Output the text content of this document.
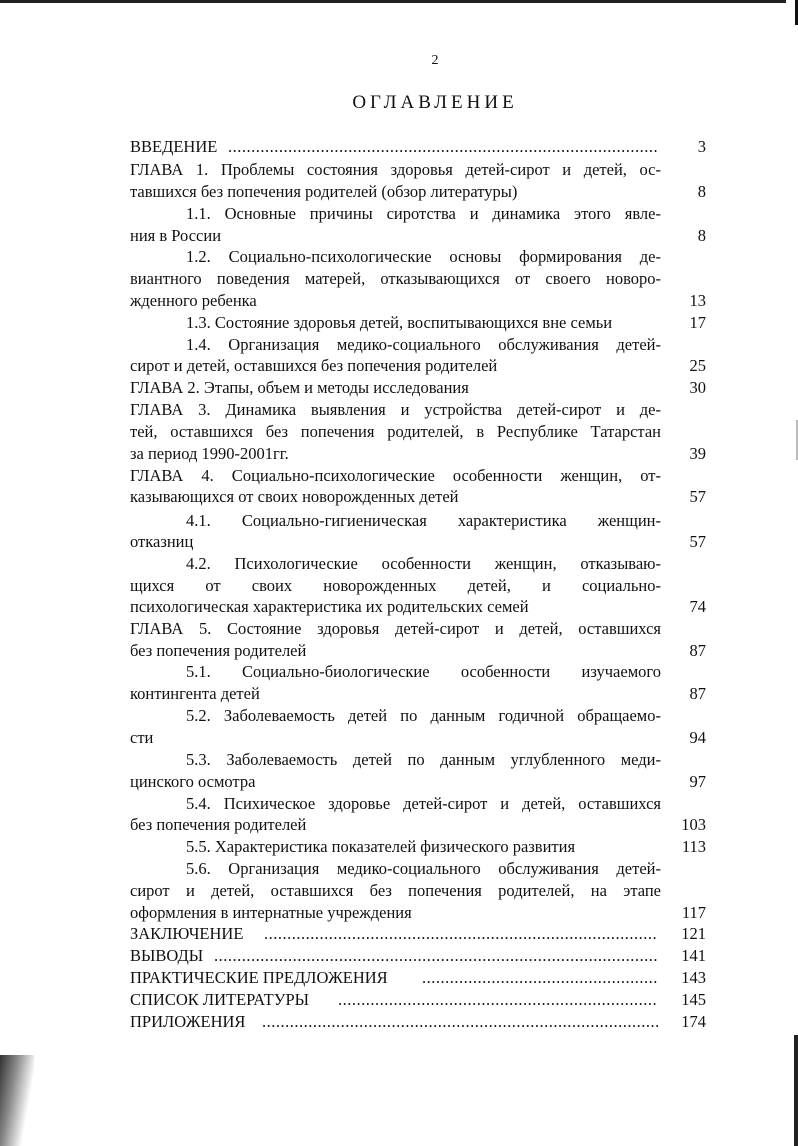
2
ОГЛАВЛЕНИЕ
ВВЕДЕНИЕ .....	3
ГЛАВА 1. Проблемы состояния здоровья детей-сирот и детей, ос-
тавшихся без попечения родителей (обзор литературы)	8
1.1. Основные причины сиротства и динамика этого явле-
ния в России	8
1.2. Социально-психологические основы формирования де-
виантного поведения матерей, отказывающихся от своего новоро-
жденного ребенка	13
1.3. Состояние здоровья детей, воспитывающихся вне семьи	17
1.4. Организация медико-социального обслуживания детей-
сирот и детей, оставшихся без попечения родителей	25
ГЛАВА 2. Этапы, объем и методы исследования	30
ГЛАВА 3. Динамика выявления и устройства детей-сирот и де-
тей, оставшихся без попечения родителей, в Республике Татарстан
за период 1990-2001гг.	39
ГЛАВА 4. Социально-психологические особенности женщин, от-
казывающихся от своих новорожденных детей	57
4.1. Социально-гигиеническая характеристика женщин-
отказниц	57
4.2. Психологические особенности женщин, отказываю-
щихся от своих новорожденных детей, и социально-
психологическая характеристика их родительских семей	74
ГЛАВА 5. Состояние здоровья детей-сирот и детей, оставшихся
без попечения родителей	87
5.1. Социально-биологические особенности изучаемого
контингента детей	87
5.2. Заболеваемость детей по данным годичной обращаемо-
сти	94
5.3. Заболеваемость детей по данным углубленного меди-
цинского осмотра	97
5.4. Психическое здоровье детей-сирот и детей, оставшихся
без попечения родителей	103
5.5. Характеристика показателей физического развития	113
5.6. Организация медико-социального обслуживания детей-
сирот и детей, оставшихся без попечения родителей, на этапе
оформления в интернатные учреждения	117
ЗАКЛЮЧЕНИЕ .....	121
ВЫВОДЫ .....	141
ПРАКТИЧЕСКИЕ ПРЕДЛОЖЕНИЯ .....	143
СПИСОК ЛИТЕРАТУРЫ .....	145
ПРИЛОЖЕНИЯ .....	174
